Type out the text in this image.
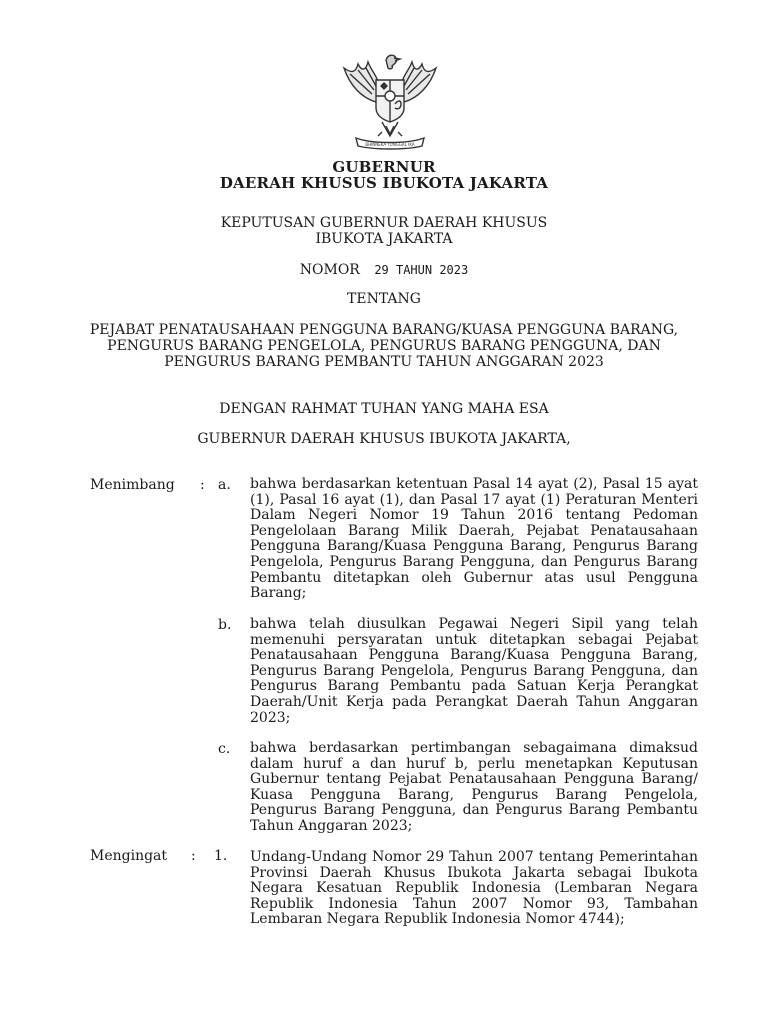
BHINNEKA TUNGGAL IKA
GUBERNUR
DAERAH KHUSUS IBUKOTA JAKARTA
KEPUTUSAN GUBERNUR DAERAH KHUSUS
IBUKOTA JAKARTA
NOMOR 29 TAHUN 2023
TENTANG
PEJABAT PENATAUSAHAAN PENGGUNA BARANG/KUASA PENGGUNA BARANG,
PENGURUS BARANG PENGELOLA, PENGURUS BARANG PENGGUNA, DAN
PENGURUS BARANG PEMBANTU TAHUN ANGGARAN 2023
DENGAN RAHMAT TUHAN YANG MAHA ESA
GUBERNUR DAERAH KHUSUS IBUKOTA JAKARTA,
Menimbang : a. bahwa berdasarkan ketentuan Pasal 14 ayat (2), Pasal 15 ayat (1), Pasal 16 ayat (1), dan Pasal 17 ayat (1) Peraturan Menteri Dalam Negeri Nomor 19 Tahun 2016 tentang Pedoman Pengelolaan Barang Milik Daerah, Pejabat Penatausahaan Pengguna Barang/Kuasa Pengguna Barang, Pengurus Barang Pengelola, Pengurus Barang Pengguna, dan Pengurus Barang Pembantu ditetapkan oleh Gubernur atas usul Pengguna Barang;
b. bahwa telah diusulkan Pegawai Negeri Sipil yang telah memenuhi persyaratan untuk ditetapkan sebagai Pejabat Penatausahaan Pengguna Barang/Kuasa Pengguna Barang, Pengurus Barang Pengelola, Pengurus Barang Pengguna, dan Pengurus Barang Pembantu pada Satuan Kerja Perangkat Daerah/Unit Kerja pada Perangkat Daerah Tahun Anggaran 2023;
c. bahwa berdasarkan pertimbangan sebagaimana dimaksud dalam huruf a dan huruf b, perlu menetapkan Keputusan Gubernur tentang Pejabat Penatausahaan Pengguna Barang/ Kuasa Pengguna Barang, Pengurus Barang Pengelola, Pengurus Barang Pengguna, dan Pengurus Barang Pembantu Tahun Anggaran 2023;
Mengingat : 1. Undang-Undang Nomor 29 Tahun 2007 tentang Pemerintahan Provinsi Daerah Khusus Ibukota Jakarta sebagai Ibukota Negara Kesatuan Republik Indonesia (Lembaran Negara Republik Indonesia Tahun 2007 Nomor 93, Tambahan Lembaran Negara Republik Indonesia Nomor 4744);
